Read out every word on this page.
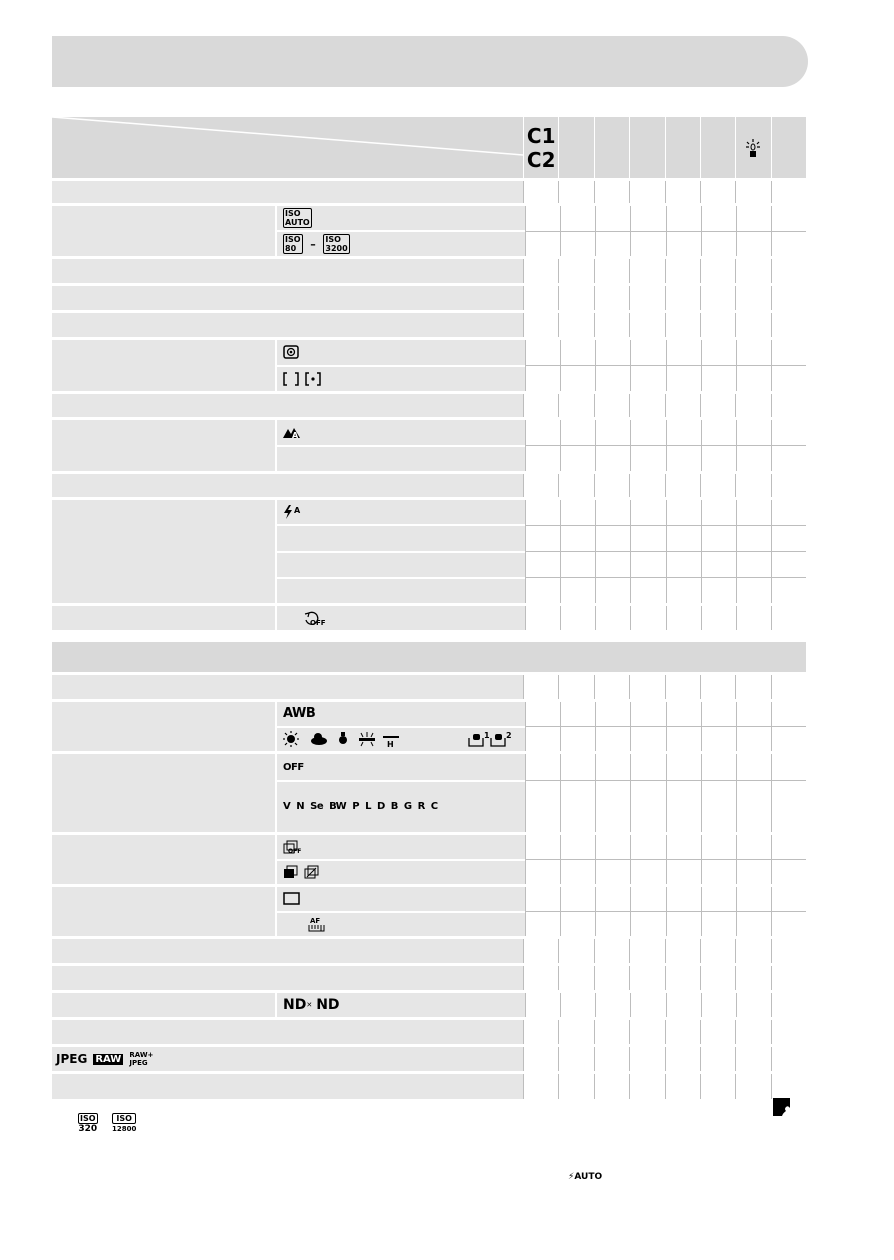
C1
C2
ISO
AUTO
ISO
80 – ISO
3200
A
A
OFF
AWB
H
1 2
OFF
V N Se BW P L D B G R C
OFF
AF
ND ✕ ND
JPEG RAW RAW+ JPEG
ISO
320
ISO
12800
⚡AUTO
